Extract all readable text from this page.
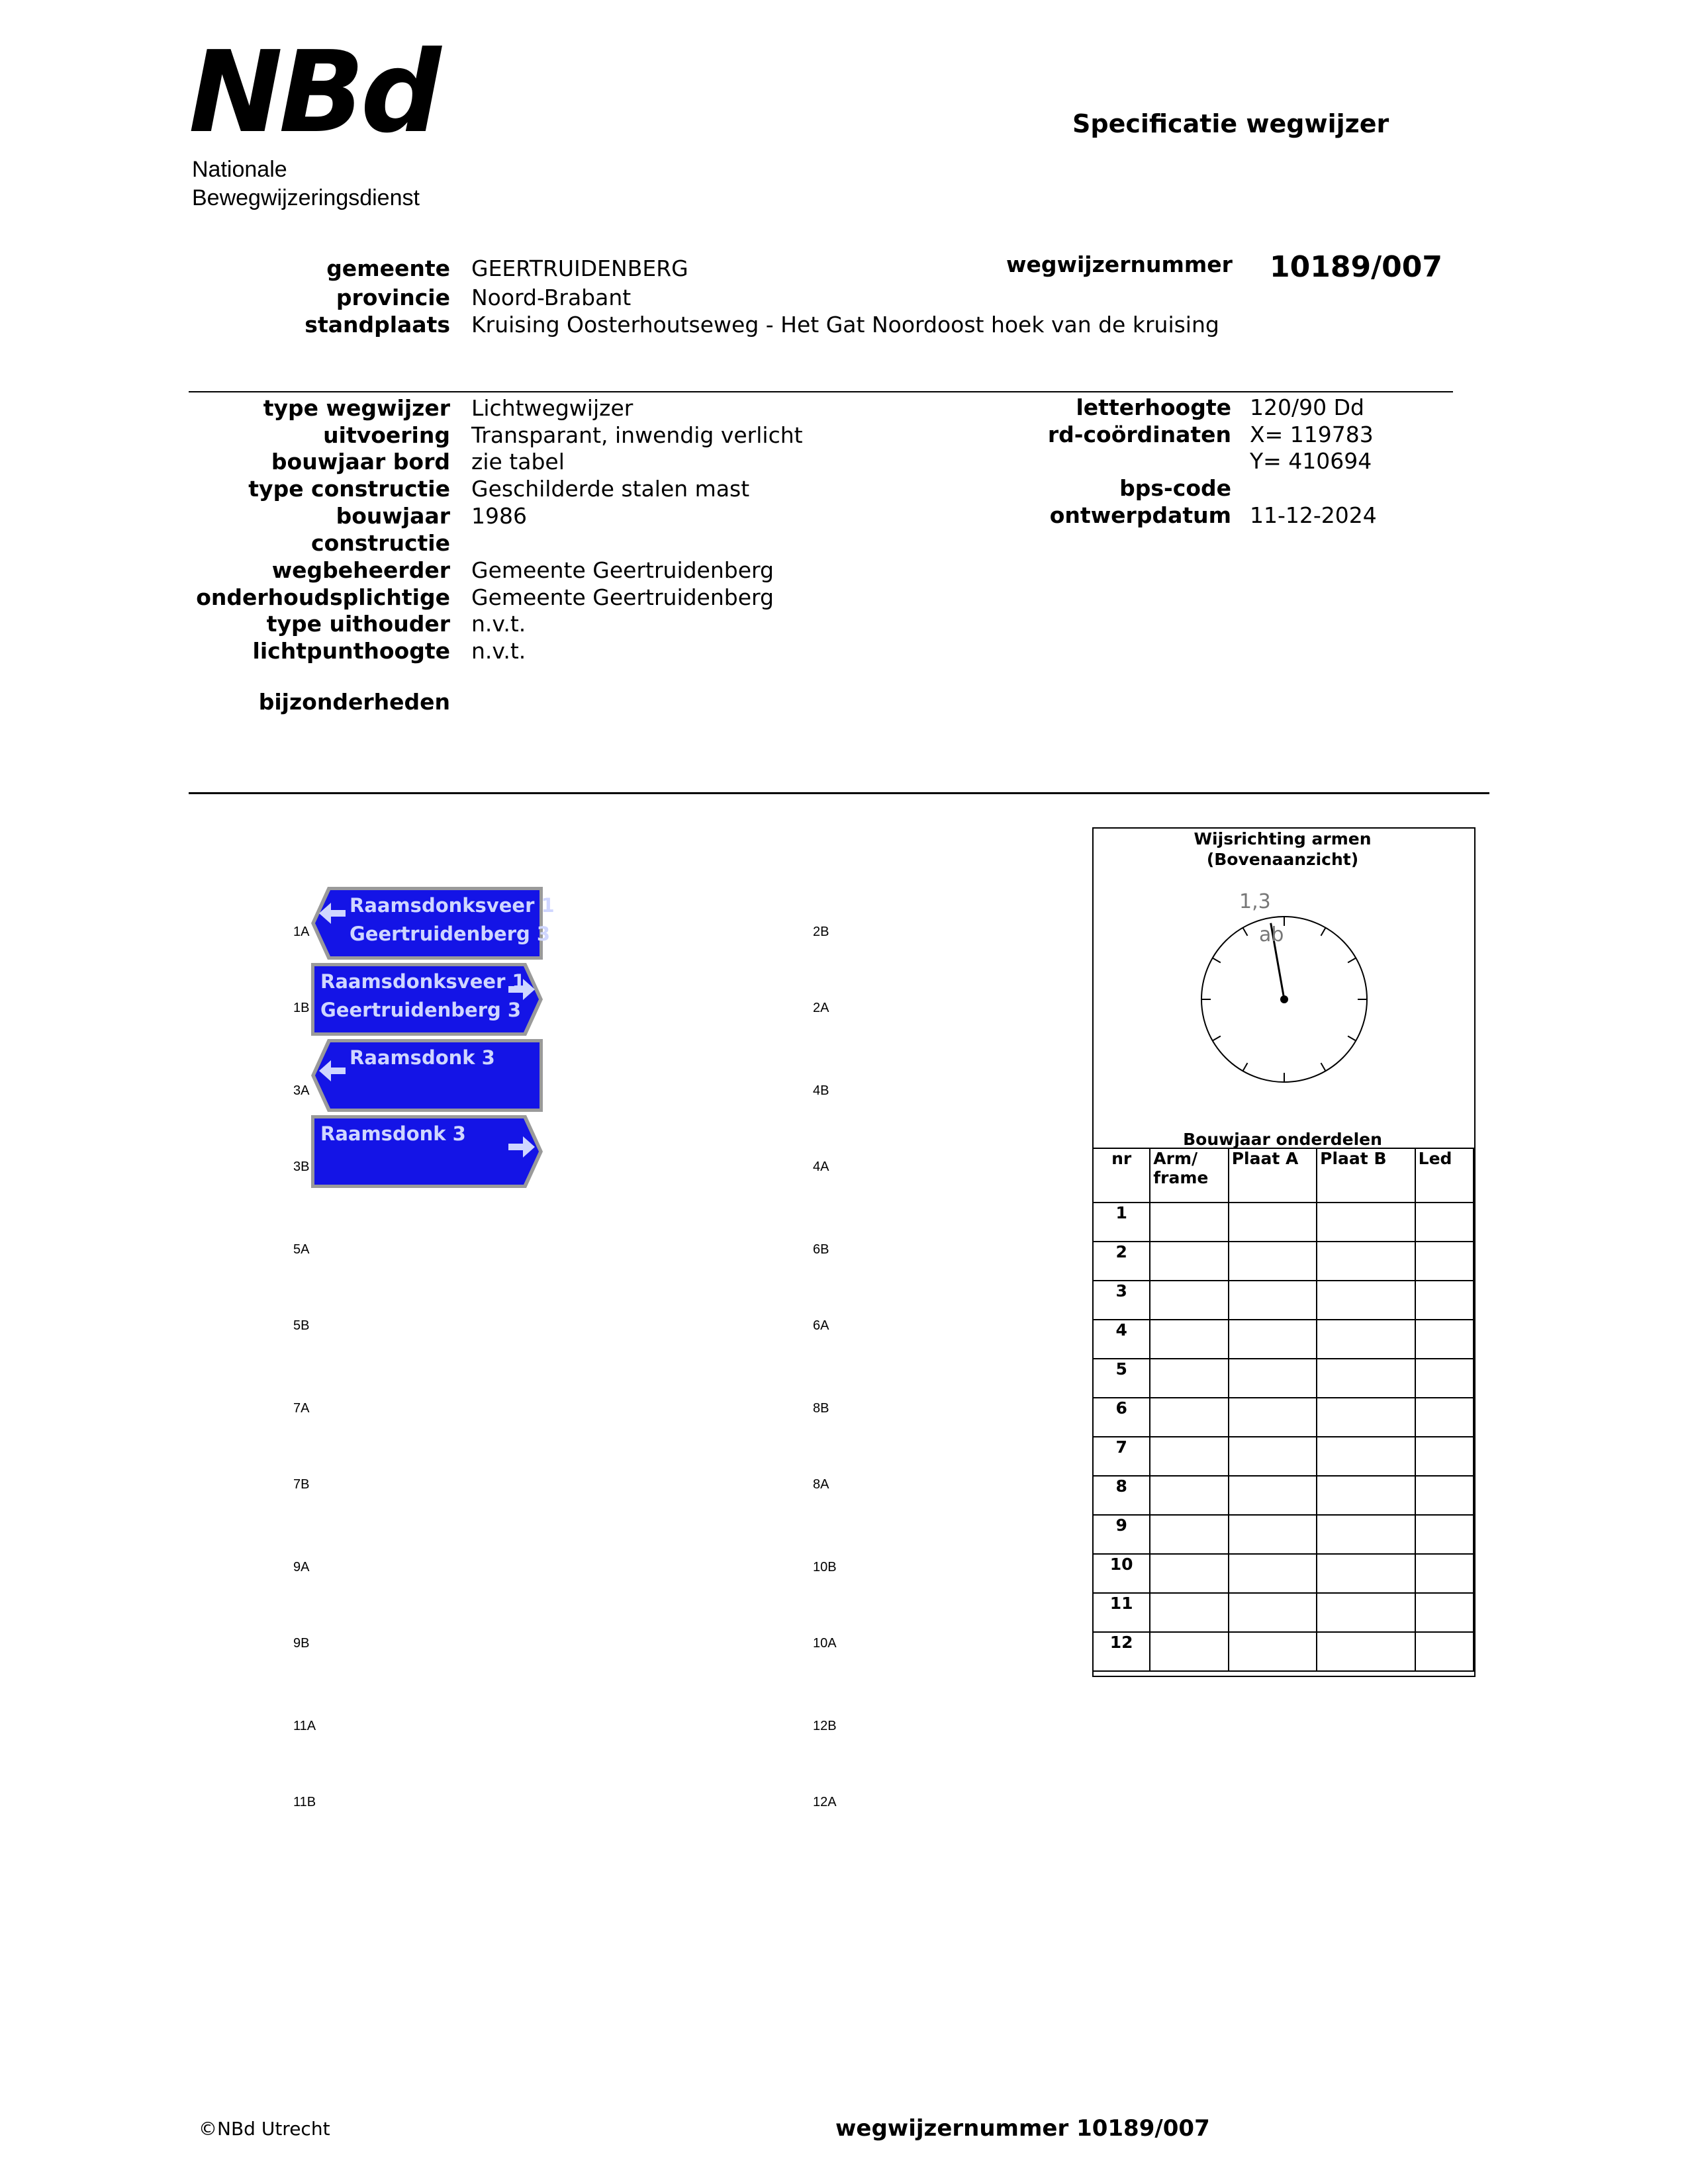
NBd
Nationale
Bewegwijzeringsdienst
Specificatie wegwijzer
gemeente GEERTRUIDENBERG
provincie Noord-Brabant
standplaats Kruising Oosterhoutseweg - Het Gat Noordoost hoek van de kruising
wegwijzernummer 10189/007
type wegwijzer Lichtwegwijzer
uitvoering Transparant, inwendig verlicht
bouwjaar bord zie tabel
type constructie Geschilderde stalen mast
bouwjaar 1986
constructie
wegbeheerder Gemeente Geertruidenberg
onderhoudsplichtige Gemeente Geertruidenberg
type uithouder n.v.t.
lichtpunthoogte n.v.t.
bijzonderheden
letterhoogte 120/90 Dd
rd-coördinaten X= 119783
Y= 410694
bps-code
ontwerpdatum 11-12-2024
1A
1B
3A
3B
5A
5B
7A
7B
9A
9B
11A
11B
2B
2A
4B
4A
6B
6A
8B
8A
10B
10A
12B
12A
Raamsdonksveer 1
Geertruidenberg 3
Raamsdonksveer 1
Geertruidenberg 3
Raamsdonk 3
Raamsdonk 3
Wijsrichting armen
(Bovenaanzicht)
1,3
ab
Bouwjaar onderdelen
nr	Arm/ frame	Plaat A	Plaat B	Led
1				
2				
3				
4				
5				
6				
7				
8				
9				
10				
11				
12				
©NBd Utrecht	wegwijzernummer 10189/007
